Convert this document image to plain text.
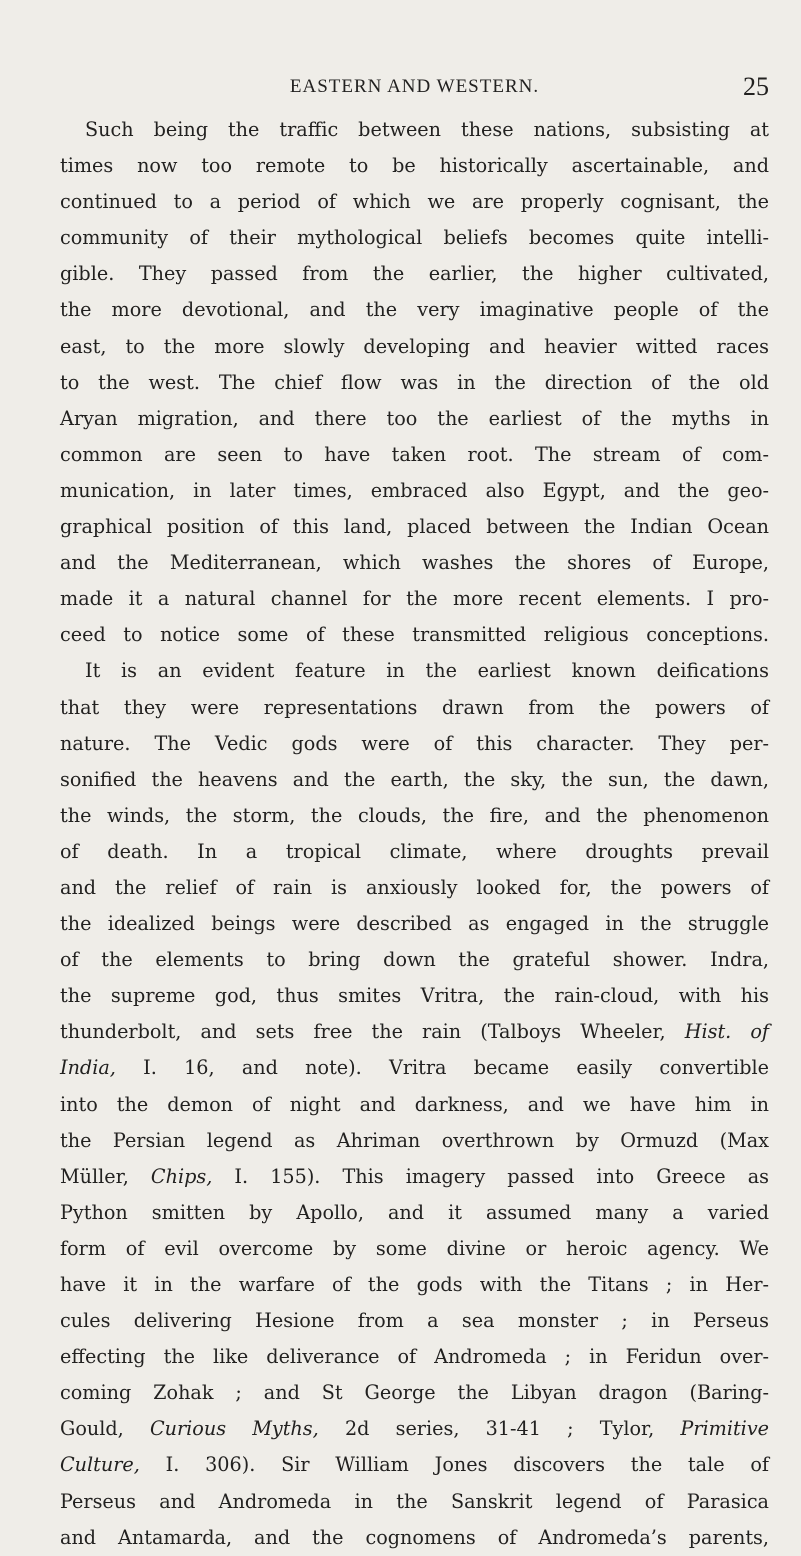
EASTERN AND WESTERN.	25
Such being the traffic between these nations, subsisting at
times now too remote to be historically ascertainable, and
continued to a period of which we are properly cognisant, the
community of their mythological beliefs becomes quite intelli-
gible. They passed from the earlier, the higher cultivated,
the more devotional, and the very imaginative people of the
east, to the more slowly developing and heavier witted races
to the west. The chief flow was in the direction of the old
Aryan migration, and there too the earliest of the myths in
common are seen to have taken root. The stream of com-
munication, in later times, embraced also Egypt, and the geo-
graphical position of this land, placed between the Indian Ocean
and the Mediterranean, which washes the shores of Europe,
made it a natural channel for the more recent elements. I pro-
ceed to notice some of these transmitted religious conceptions.
It is an evident feature in the earliest known deifications
that they were representations drawn from the powers of
nature. The Vedic gods were of this character. They per-
sonified the heavens and the earth, the sky, the sun, the dawn,
the winds, the storm, the clouds, the fire, and the phenomenon
of death. In a tropical climate, where droughts prevail
and the relief of rain is anxiously looked for, the powers of
the idealized beings were described as engaged in the struggle
of the elements to bring down the grateful shower. Indra,
the supreme god, thus smites Vritra, the rain-cloud, with his
thunderbolt, and sets free the rain (Talboys Wheeler, Hist. of
India, I. 16, and note). Vritra became easily convertible
into the demon of night and darkness, and we have him in
the Persian legend as Ahriman overthrown by Ormuzd (Max
Müller, Chips, I. 155). This imagery passed into Greece as
Python smitten by Apollo, and it assumed many a varied
form of evil overcome by some divine or heroic agency. We
have it in the warfare of the gods with the Titans ; in Her-
cules delivering Hesione from a sea monster ; in Perseus
effecting the like deliverance of Andromeda ; in Feridun over-
coming Zohak ; and St George the Libyan dragon (Baring-
Gould, Curious Myths, 2d series, 31-41 ; Tylor, Primitive
Culture, I. 306). Sir William Jones discovers the tale of
Perseus and Andromeda in the Sanskrit legend of Parasica
and Antamarda, and the cognomens of Andromeda’s parents,
